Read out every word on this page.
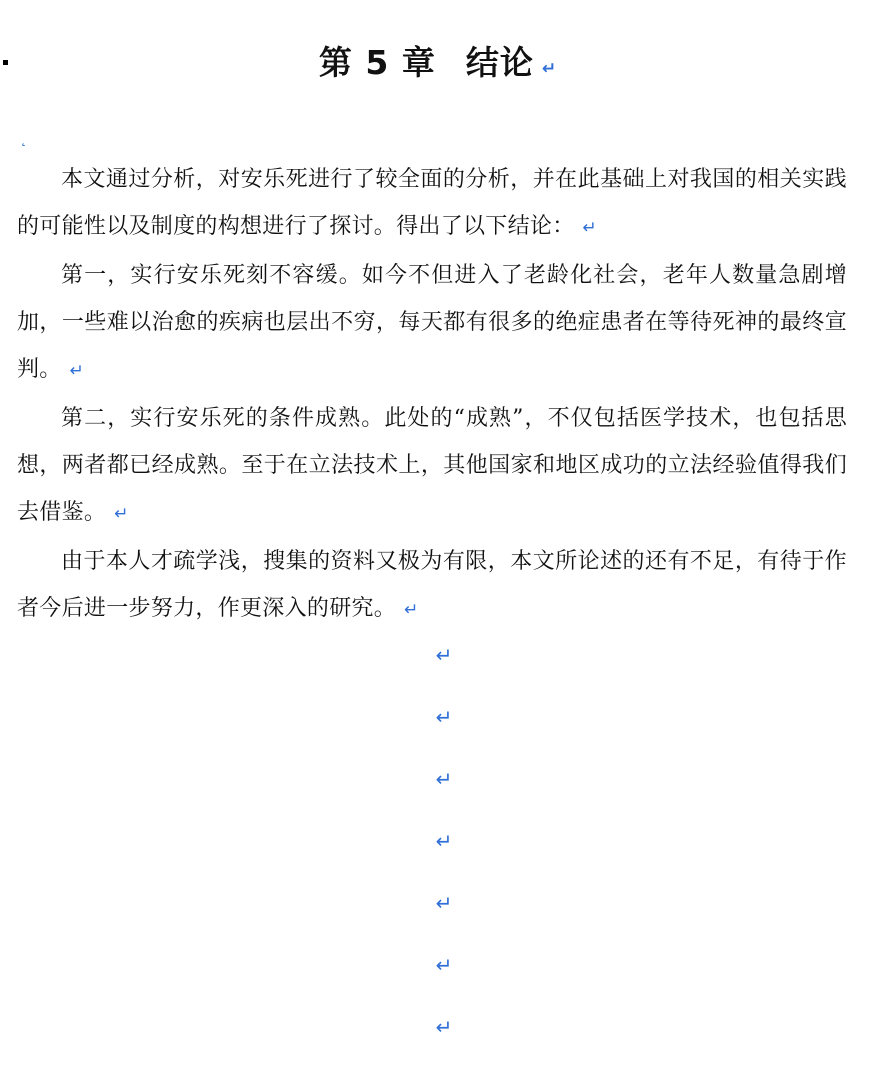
第 5 章 结论 ↵
˛

本文通过分析，对安乐死进行了较全面的分析，并在此基础上对我国的相关实践的可能性以及制度的构想进行了探讨。得出了以下结论： ↵

第一，实行安乐死刻不容缓。如今不但进入了老龄化社会，老年人数量急剧增加，一些难以治愈的疾病也层出不穷，每天都有很多的绝症患者在等待死神的最终宣判。 ↵

第二，实行安乐死的条件成熟。此处的“成熟”，不仅包括医学技术，也包括思想，两者都已经成熟。至于在立法技术上，其他国家和地区成功的立法经验值得我们去借鉴。 ↵

由于本人才疏学浅，搜集的资料又极为有限，本文所论述的还有不足，有待于作者今后进一步努力，作更深入的研究。 ↵

↵
↵
↵
↵
↵
↵
↵
